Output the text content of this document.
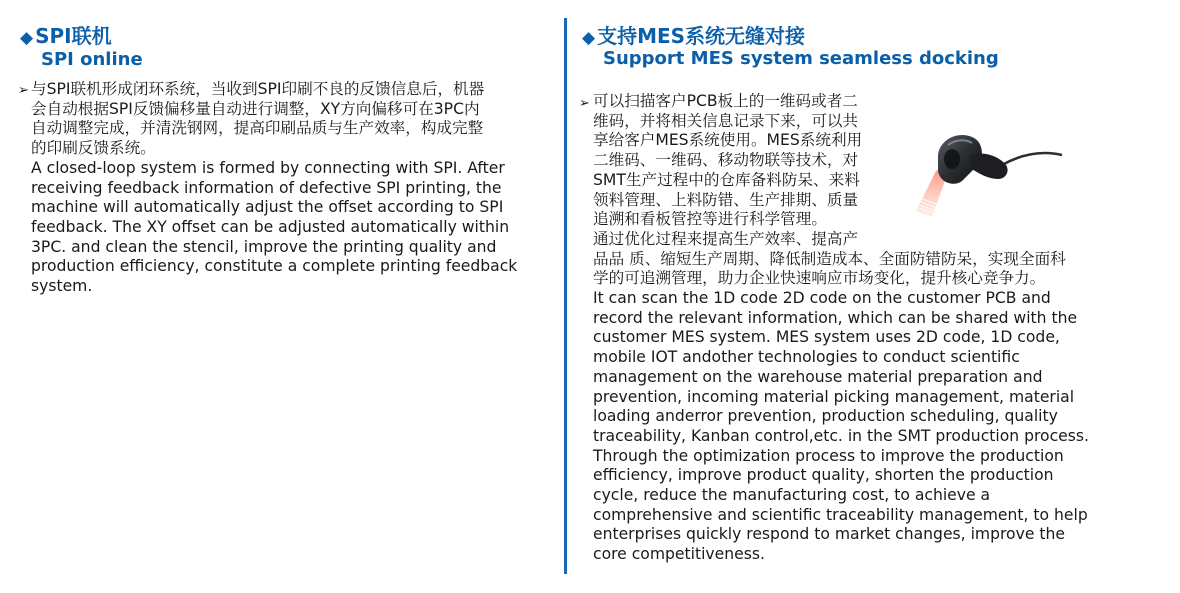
◆ SPI联机
SPI online
➢ 与SPI联机形成闭环系统，当收到SPI印刷不良的反馈信息后，机器
会自动根据SPI反馈偏移量自动进行调整，XY方向偏移可在3PC内
自动调整完成，并清洗钢网，提高印刷品质与生产效率，构成完整
的印刷反馈系统。
A closed-loop system is formed by connecting with SPI. After
receiving feedback information of defective SPI printing, the
machine will automatically adjust the offset according to SPI
feedback. The XY offset can be adjusted automatically within
3PC. and clean the stencil, improve the printing quality and
production efficiency, constitute a complete printing feedback
system.
◆ 支持MES系统无缝对接
Support MES system seamless docking
➢ 可以扫描客户PCB板上的一维码或者二
维码，并将相关信息记录下来，可以共
享给客户MES系统使用。MES系统利用
二维码、一维码、移动物联等技术，对
SMT生产过程中的仓库备料防呆、来料
领料管理、上料防错、生产排期、质量
追溯和看板管控等进行科学管理。
通过优化过程来提高生产效率、提高产
品品 质、缩短生产周期、降低制造成本、全面防错防呆，实现全面科
学的可追溯管理，助力企业快速响应市场变化，提升核心竞争力。
It can scan the 1D code 2D code on the customer PCB and
record the relevant information, which can be shared with the
customer MES system. MES system uses 2D code, 1D code,
mobile IOT andother technologies to conduct scientific
management on the warehouse material preparation and
prevention, incoming material picking management, material
loading anderror prevention, production scheduling, quality
traceability, Kanban control,etc. in the SMT production process.
Through the optimization process to improve the production
efficiency, improve product quality, shorten the production
cycle, reduce the manufacturing cost, to achieve a
comprehensive and scientific traceability management, to help
enterprises quickly respond to market changes, improve the
core competitiveness.
